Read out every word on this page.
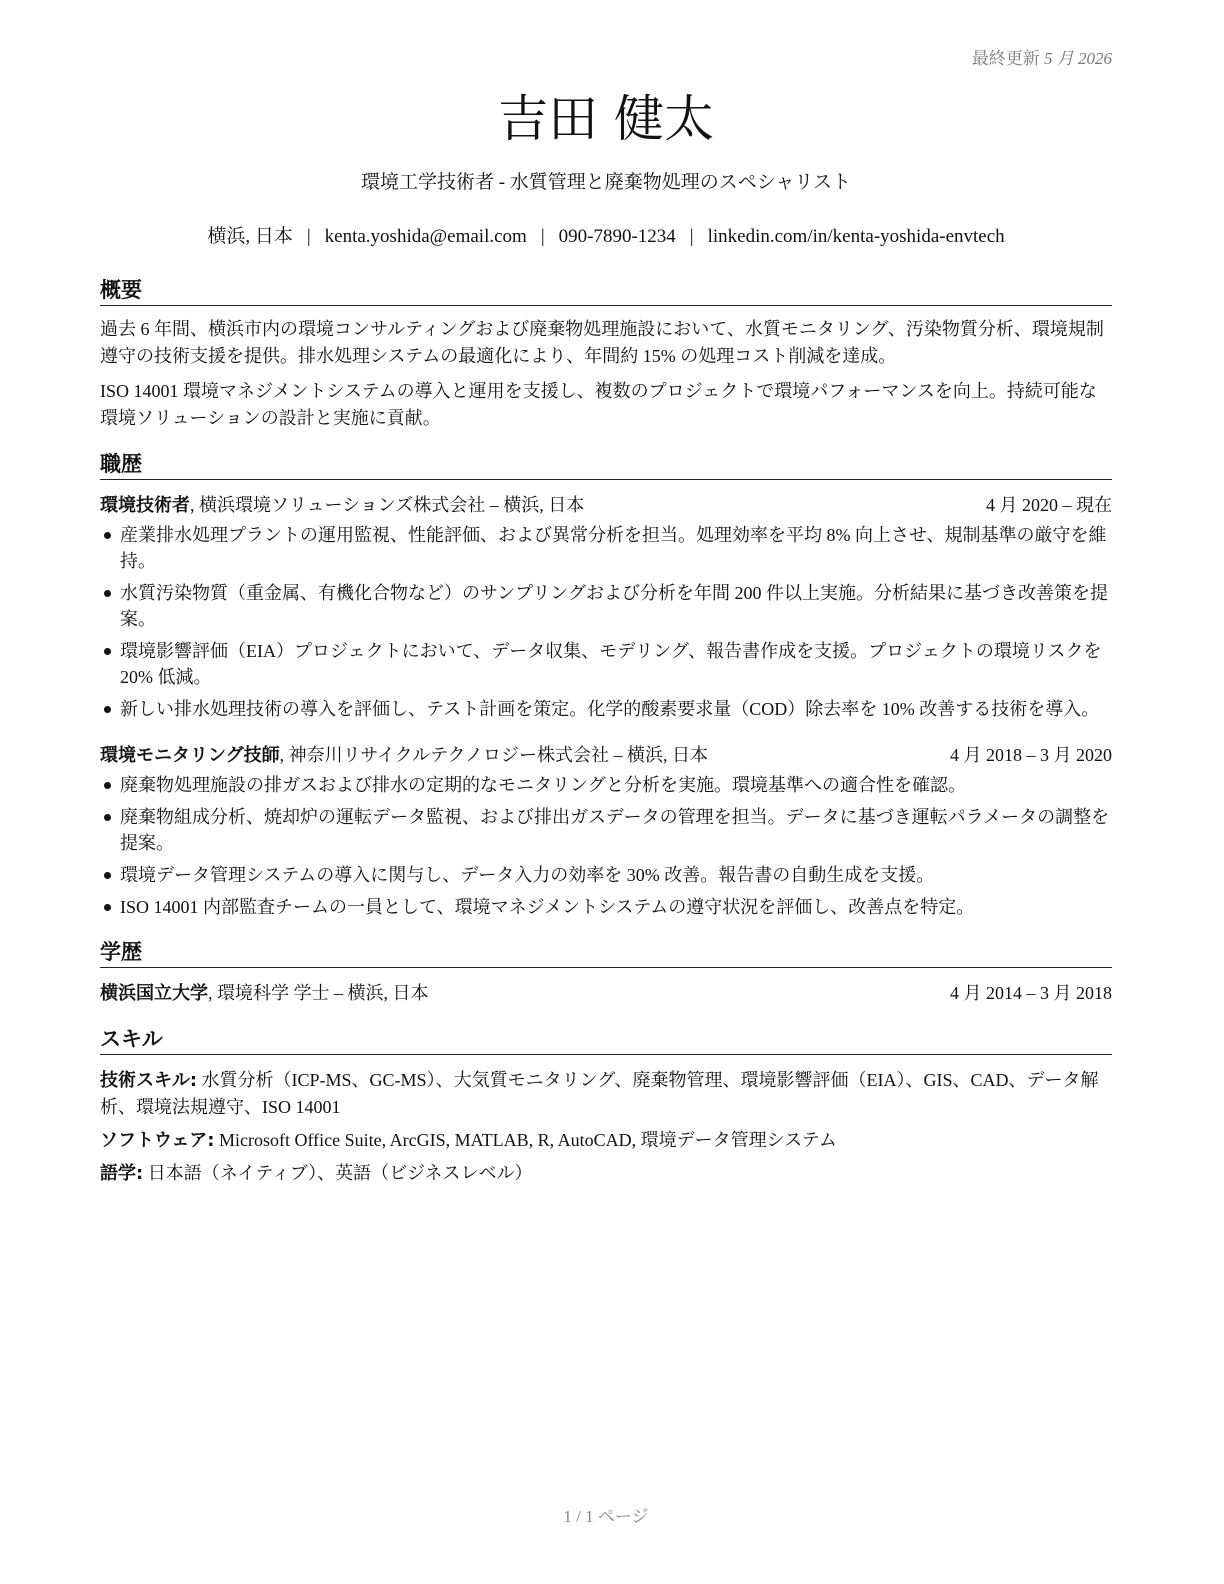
最終更新 5 月 2026
吉田 健太
環境工学技術者 - 水質管理と廃棄物処理のスペシャリスト
横浜, 日本 | kenta.yoshida@email.com | 090-7890-1234 | linkedin.com/in/kenta-yoshida-envtech
概要

過去 6 年間、横浜市内の環境コンサルティングおよび廃棄物処理施設において、水質モニタリング、汚染物質分析、環境規制遵守の技術支援を提供。排水処理システムの最適化により、年間約 15% の処理コスト削減を達成。

ISO 14001 環境マネジメントシステムの導入と運用を支援し、複数のプロジェクトで環境パフォーマンスを向上。持続可能な環境ソリューションの設計と実施に貢献。

職歴
環境技術者, 横浜環境ソリューションズ株式会社 – 横浜, 日本	4 月 2020 – 現在
産業排水処理プラントの運用監視、性能評価、および異常分析を担当。処理効率を平均 8% 向上させ、規制基準の厳守を維持。
水質汚染物質（重金属、有機化合物など）のサンプリングおよび分析を年間 200 件以上実施。分析結果に基づき改善策を提案。
環境影響評価（EIA）プロジェクトにおいて、データ収集、モデリング、報告書作成を支援。プロジェクトの環境リスクを 20% 低減。
新しい排水処理技術の導入を評価し、テスト計画を策定。化学的酸素要求量（COD）除去率を 10% 改善する技術を導入。
環境モニタリング技師, 神奈川リサイクルテクノロジー株式会社 – 横浜, 日本	4 月 2018 – 3 月 2020
廃棄物処理施設の排ガスおよび排水の定期的なモニタリングと分析を実施。環境基準への適合性を確認。
廃棄物組成分析、焼却炉の運転データ監視、および排出ガスデータの管理を担当。データに基づき運転パラメータの調整を提案。
環境データ管理システムの導入に関与し、データ入力の効率を 30% 改善。報告書の自動生成を支援。
ISO 14001 内部監査チームの一員として、環境マネジメントシステムの遵守状況を評価し、改善点を特定。
学歴
横浜国立大学, 環境科学 学士 – 横浜, 日本	4 月 2014 – 3 月 2018
スキル
技術スキル: 水質分析（ICP-MS、GC-MS）、大気質モニタリング、廃棄物管理、環境影響評価（EIA）、GIS、CAD、データ解析、環境法規遵守、ISO 14001
ソフトウェア: Microsoft Office Suite, ArcGIS, MATLAB, R, AutoCAD, 環境データ管理システム
語学: 日本語（ネイティブ）、英語（ビジネスレベル）
1 / 1 ページ
